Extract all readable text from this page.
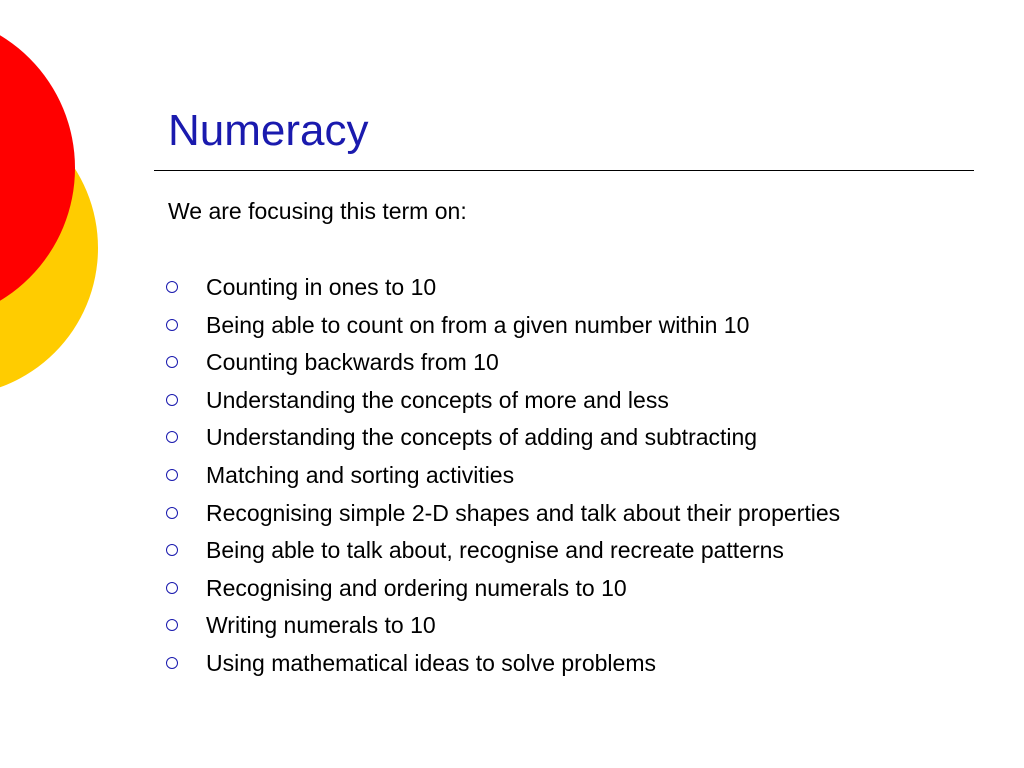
Numeracy

We are focusing this term on:

Counting in ones to 10
Being able to count on from a given number within 10
Counting backwards from 10
Understanding the concepts of more and less
Understanding the concepts of adding and subtracting
Matching and sorting activities
Recognising simple 2-D shapes and talk about their properties
Being able to talk about, recognise and recreate patterns
Recognising and ordering numerals to 10
Writing numerals to 10
Using mathematical ideas to solve problems
